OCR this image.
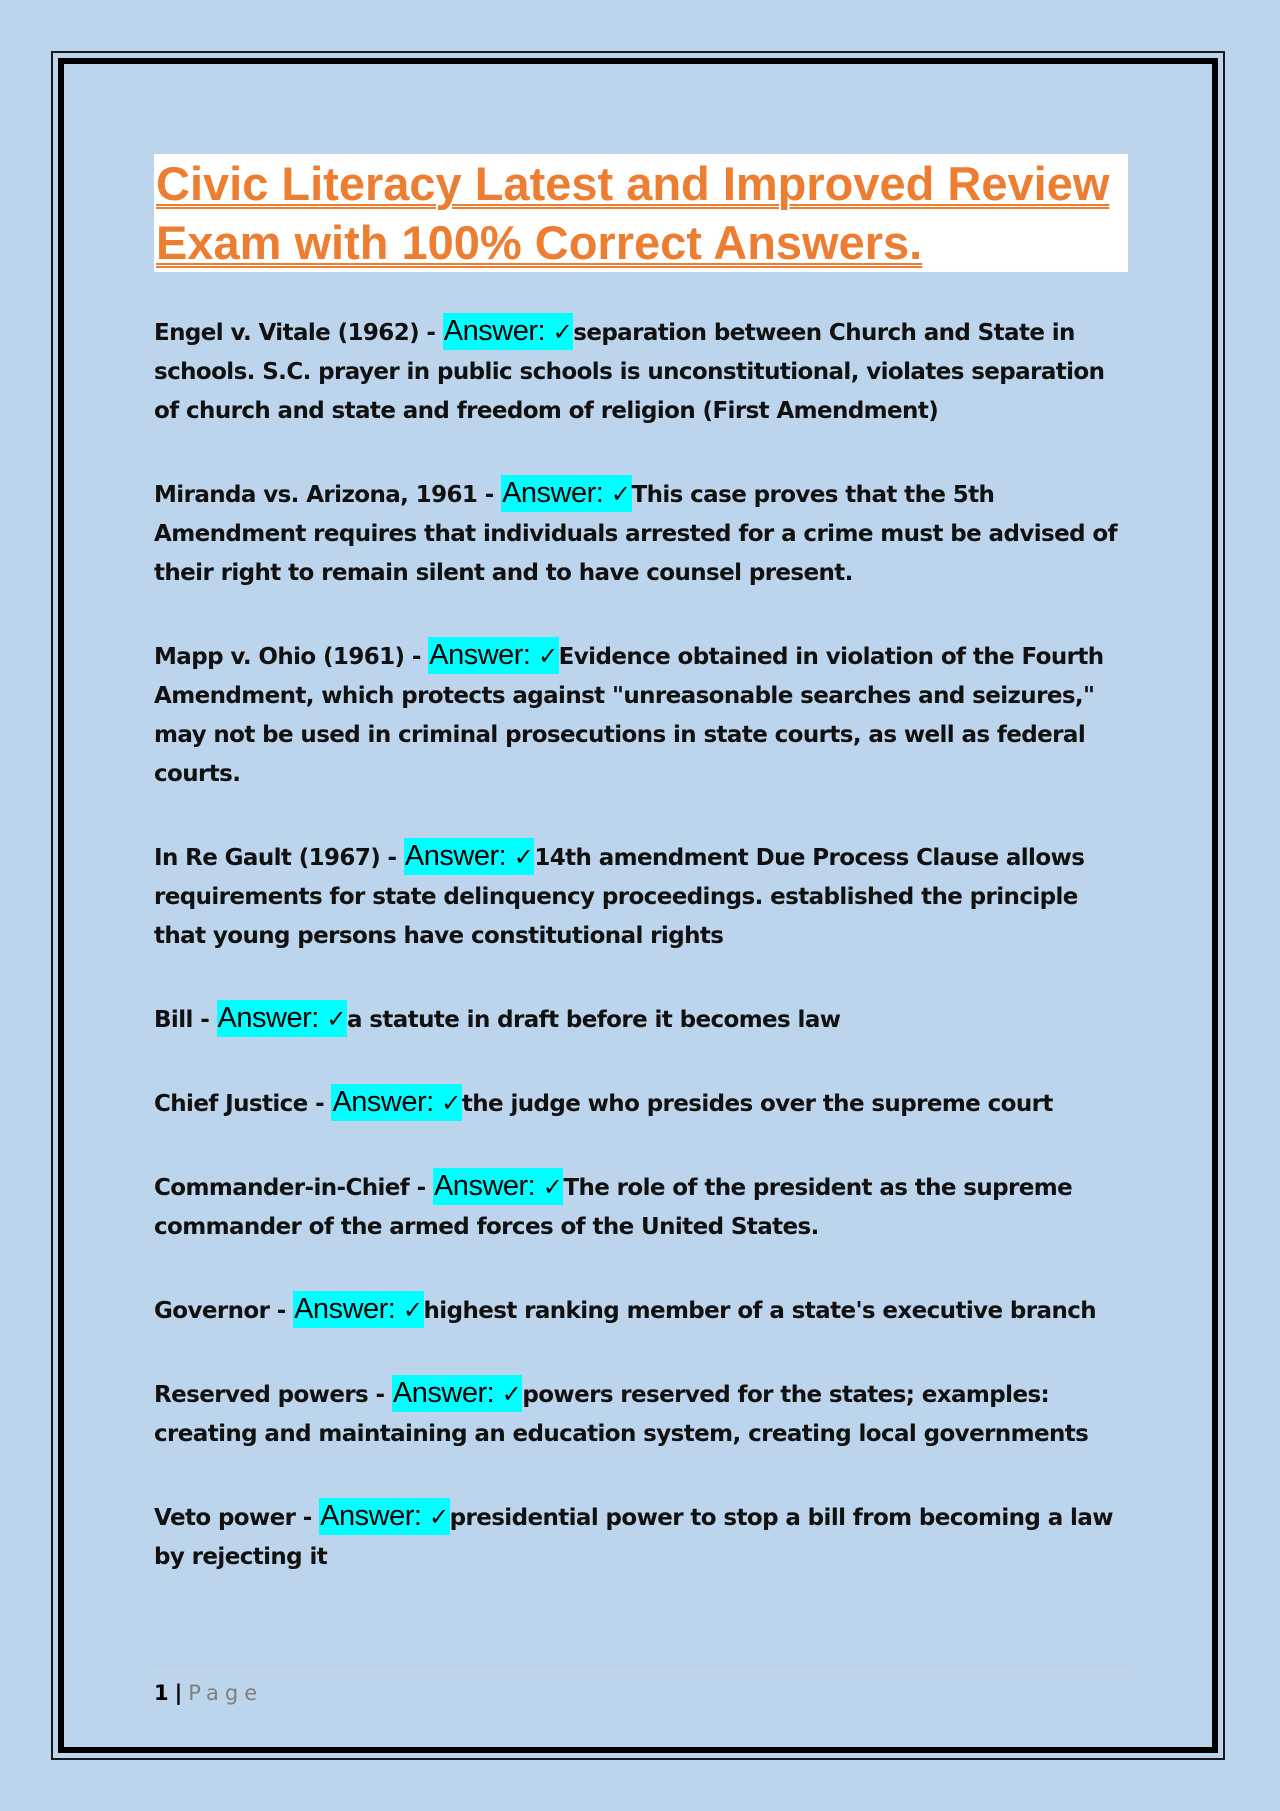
Civic Literacy Latest and Improved Review Exam with 100% Correct Answers.

Engel v. Vitale (1962) - Answer: ✓separation between Church and State in schools. S.C. prayer in public schools is unconstitutional, violates separation of church and state and freedom of religion (First Amendment)

Miranda vs. Arizona, 1961 - Answer: ✓This case proves that the 5th Amendment requires that individuals arrested for a crime must be advised of their right to remain silent and to have counsel present.

Mapp v. Ohio (1961) - Answer: ✓Evidence obtained in violation of the Fourth Amendment, which protects against "unreasonable searches and seizures," may not be used in criminal prosecutions in state courts, as well as federal courts.

In Re Gault (1967) - Answer: ✓14th amendment Due Process Clause allows requirements for state delinquency proceedings. established the principle that young persons have constitutional rights

Bill - Answer: ✓a statute in draft before it becomes law

Chief Justice - Answer: ✓the judge who presides over the supreme court

Commander-in-Chief - Answer: ✓The role of the president as the supreme commander of the armed forces of the United States.

Governor - Answer: ✓highest ranking member of a state's executive branch

Reserved powers - Answer: ✓powers reserved for the states; examples: creating and maintaining an education system, creating local governments

Veto power - Answer: ✓presidential power to stop a bill from becoming a law by rejecting it

1 | Page
